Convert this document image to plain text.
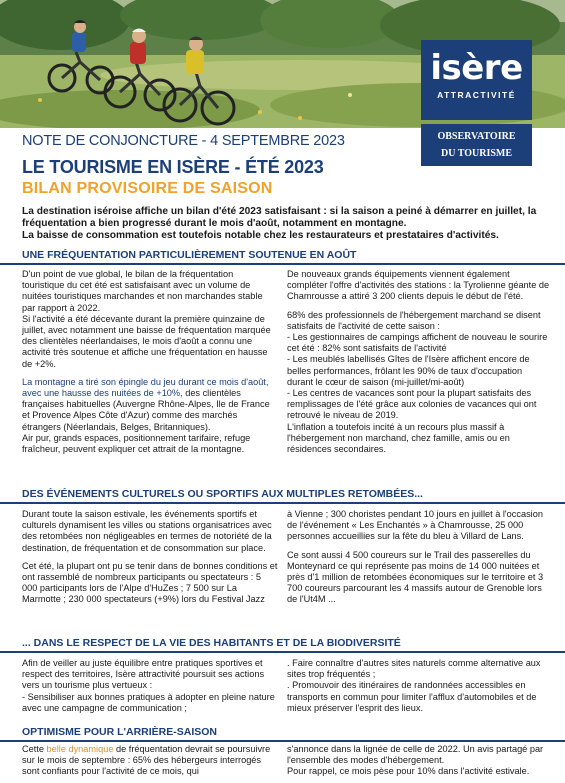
isère
ATTRACTIVITÉ
OBSERVATOIRE
DU TOURISME
NOTE DE CONJONCTURE - 4 SEPTEMBRE 2023
LE TOURISME EN ISÈRE - ÉTÉ 2023
BILAN PROVISOIRE DE SAISON

La destination iséroise affiche un bilan d'été 2023 satisfaisant : si la saison a peiné à démarrer en juillet, la fréquentation a bien progressé durant le mois d'août, notamment en montagne.

La baisse de consommation est toutefois notable chez les restaurateurs et prestataires d'activités.

UNE FRÉQUENTATION PARTICULIÈREMENT SOUTENUE EN AOÛT

D'un point de vue global, le bilan de la fréquentation touristique du cet été est satisfaisant avec un volume de nuitées touristiques marchandes et non marchandes stable par rapport à 2022.

Si l'activité a été décevante durant la première quinzaine de juillet, avec notamment une baisse de fréquentation marquée des clientèles néerlandaises, le mois d'août a connu une activité très soutenue et affiche une fréquentation en hausse de +2%.

La montagne a tiré son épingle du jeu durant ce mois d'août, avec une hausse des nuitées de +10%, des clientèles françaises habituelles (Auvergne Rhône-Alpes, Ile de France et Provence Alpes Côte d'Azur) comme des marchés étrangers (Néerlandais, Belges, Britanniques).

Air pur, grands espaces, positionnement tarifaire, refuge fraîcheur, peuvent expliquer cet attrait de la montagne.

De nouveaux grands équipements viennent également compléter l'offre d'activités des stations : la Tyrolienne géante de Chamrousse a attiré 3 200 clients depuis le début de l'été.

68% des professionnels de l'hébergement marchand se disent satisfaits de l'activité de cette saison :

- Les gestionnaires de campings affichent de nouveau le sourire cet été : 82% sont satisfaits de l'activité

- Les meublés labellisés Gîtes de l'Isère affichent encore de belles performances, frôlant les 90% de taux d'occupation durant le cœur de saison (mi-juillet/mi-août)

- Les centres de vacances sont pour la plupart satisfaits des remplissages de l'été grâce aux colonies de vacances qui ont retrouvé le niveau de 2019.

L'inflation a toutefois incité à un recours plus massif à l'hébergement non marchand, chez famille, amis ou en résidences secondaires.

DES ÉVÉNEMENTS CULTURELS OU SPORTIFS AUX MULTIPLES RETOMBÉES...

Durant toute la saison estivale, les événements sportifs et culturels dynamisent les villes ou stations organisatrices avec des retombées non négligeables en termes de notoriété de la destination, de fréquentation et de consommation sur place.

Cet été, la plupart ont pu se tenir dans de bonnes conditions et ont rassemblé de nombreux participants ou spectateurs : 5 000 participants lors de l'Alpe d'HuZes ; 7 500 sur La Marmotte ; 230 000 spectateurs (+9%) lors du Festival Jazz

à Vienne ; 300 choristes pendant 10 jours en juillet à l'occasion de l'événement « Les Enchantés » à Chamrousse, 25 000 personnes accueillies sur la fête du bleu à Villard de Lans.

Ce sont aussi 4 500 coureurs sur le Trail des passerelles du Monteynard ce qui représente pas moins de 14 000 nuitées et près d'1 million de retombées économiques sur le territoire et 3 700 coureurs parcourant les 4 massifs autour de Grenoble lors de l'Ut4M ...

... DANS LE RESPECT DE LA VIE DES HABITANTS ET DE LA BIODIVERSITÉ

Afin de veiller au juste équilibre entre pratiques sportives et respect des territoires, Isère attractivité poursuit ses actions vers un tourisme plus vertueux :

- Sensibiliser aux bonnes pratiques à adopter en pleine nature avec une campagne de communication ;

. Faire connaître d'autres sites naturels comme alternative aux sites trop fréquentés ;

. Promouvoir des itinéraires de randonnées accessibles en transports en commun pour limiter l'afflux d'automobiles et de mieux préserver l'esprit des lieux.

OPTIMISME POUR L'ARRIÈRE-SAISON

Cette belle dynamique de fréquentation devrait se poursuivre sur le mois de septembre : 65% des hébergeurs interrogés sont confiants pour l'activité de ce mois, qui

s'annonce dans la lignée de celle de 2022. Un avis partagé par l'ensemble des modes d'hébergement.

Pour rappel, ce mois pèse pour 10% dans l'activité estivale.
